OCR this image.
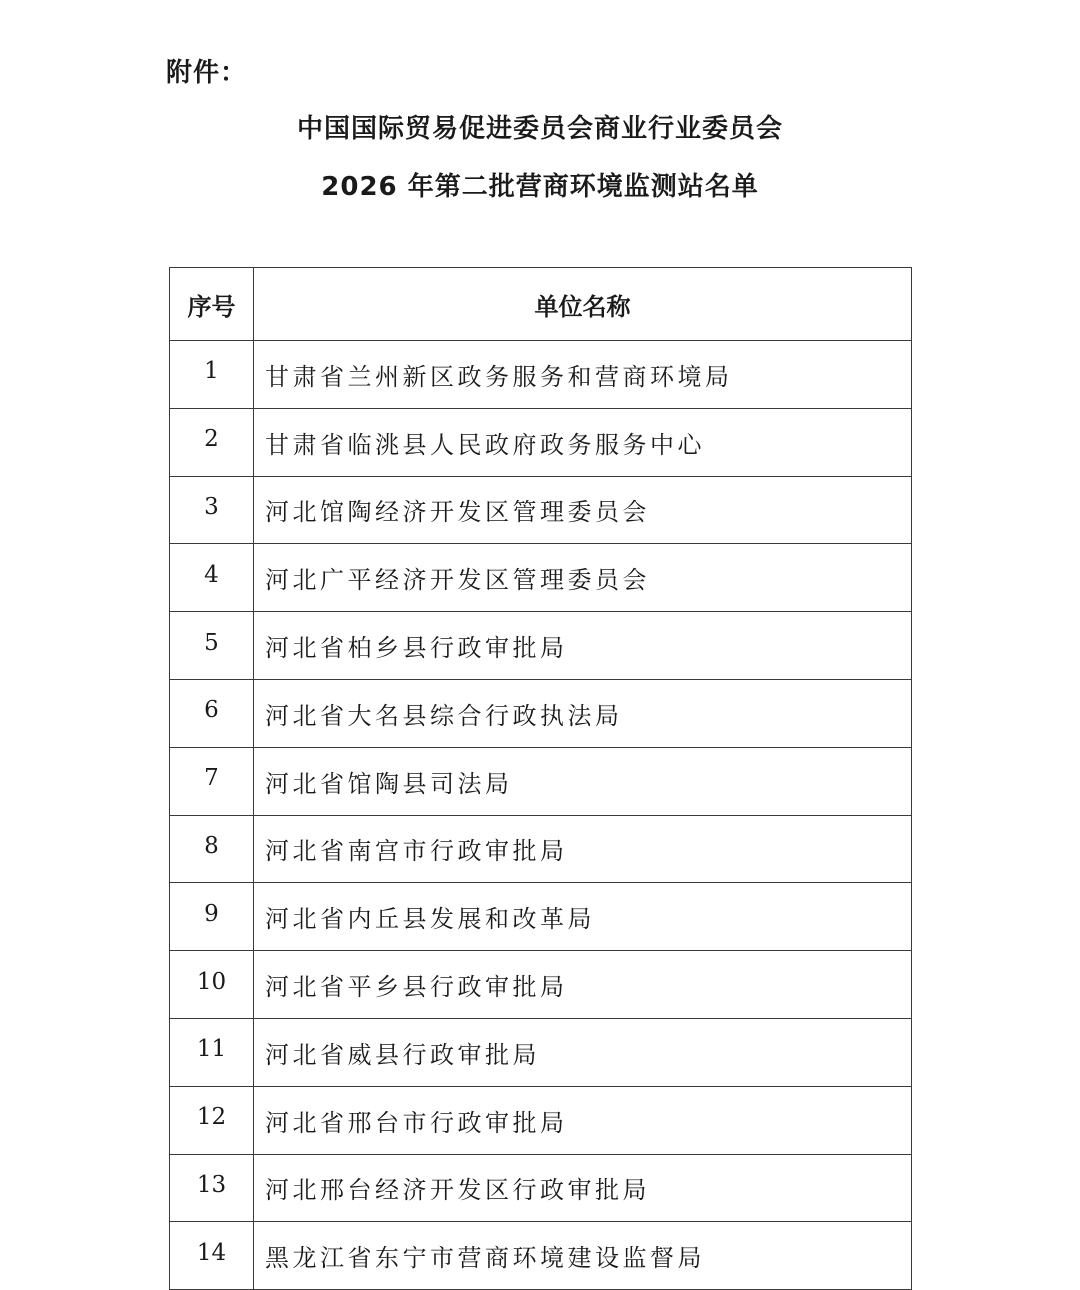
附件：
中国国际贸易促进委员会商业行业委员会
2026 年第二批营商环境监测站名单
序号	单位名称
1	甘肃省兰州新区政务服务和营商环境局
2	甘肃省临洮县人民政府政务服务中心
3	河北馆陶经济开发区管理委员会
4	河北广平经济开发区管理委员会
5	河北省柏乡县行政审批局
6	河北省大名县综合行政执法局
7	河北省馆陶县司法局
8	河北省南宫市行政审批局
9	河北省内丘县发展和改革局
10	河北省平乡县行政审批局
11	河北省威县行政审批局
12	河北省邢台市行政审批局
13	河北邢台经济开发区行政审批局
14	黑龙江省东宁市营商环境建设监督局
